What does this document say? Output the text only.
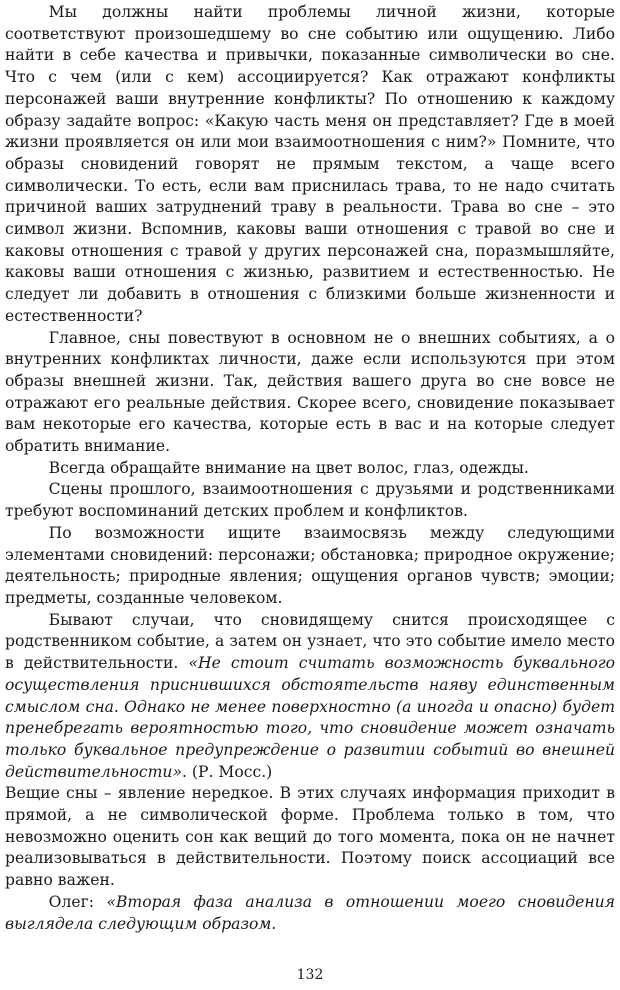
Мы должны найти проблемы личной жизни, которые соответствуют произошедшему во сне событию или ощущению. Либо найти в себе качества и привычки, показанные символически во сне. Что с чем (или с кем) ассоциируется? Как отражают конфликты персонажей ваши внутренние конфликты? По отношению к каждому образу задайте вопрос: «Какую часть меня он представляет? Где в моей жизни проявляется он или мои взаимоотношения с ним?» Помните, что образы сновидений говорят не прямым текстом, а чаще всего символически. То есть, если вам приснилась трава, то не надо считать причиной ваших затруднений траву в реальности. Трава во сне – это символ жизни. Вспомнив, каковы ваши отношения с травой во сне и каковы отношения с травой у других персонажей сна, поразмышляйте, каковы ваши отношения с жизнью, развитием и естественностью. Не следует ли добавить в отношения с близкими больше жизненности и естественности?

Главное, сны повествуют в основном не о внешних событиях, а о внутренних конфликтах личности, даже если используются при этом образы внешней жизни. Так, действия вашего друга во сне вовсе не отражают его реальные действия. Скорее всего, сновидение показывает вам некоторые его качества, которые есть в вас и на которые следует обратить внимание.

Всегда обращайте внимание на цвет волос, глаз, одежды.

Сцены прошлого, взаимоотношения с друзьями и родственниками требуют воспоминаний детских проблем и конфликтов.

По возможности ищите взаимосвязь между следующими элементами сновидений: персонажи; обстановка; природное окружение; деятельность; природные явления; ощущения органов чувств; эмоции; предметы, созданные человеком.

Бывают случаи, что сновидящему снится происходящее с родственником событие, а затем он узнает, что это событие имело место в действительности. «Не стоит считать возможность буквального осуществления приснившихся обстоятельств наяву единственным смыслом сна. Однако не менее поверхностно (а иногда и опасно) будет пренебрегать вероятностью того, что сновидение может означать только буквальное предупреждение о развитии событий во внешней действительности». (Р. Мосс.)

Вещие сны – явление нередкое. В этих случаях информация приходит в прямой, а не символической форме. Проблема только в том, что невозможно оценить сон как вещий до того момента, пока он не начнет реализовываться в действительности. Поэтому поиск ассоциаций все равно важен.

Олег: «Вторая фаза анализа в отношении моего сновидения выглядела следующим образом.

132
